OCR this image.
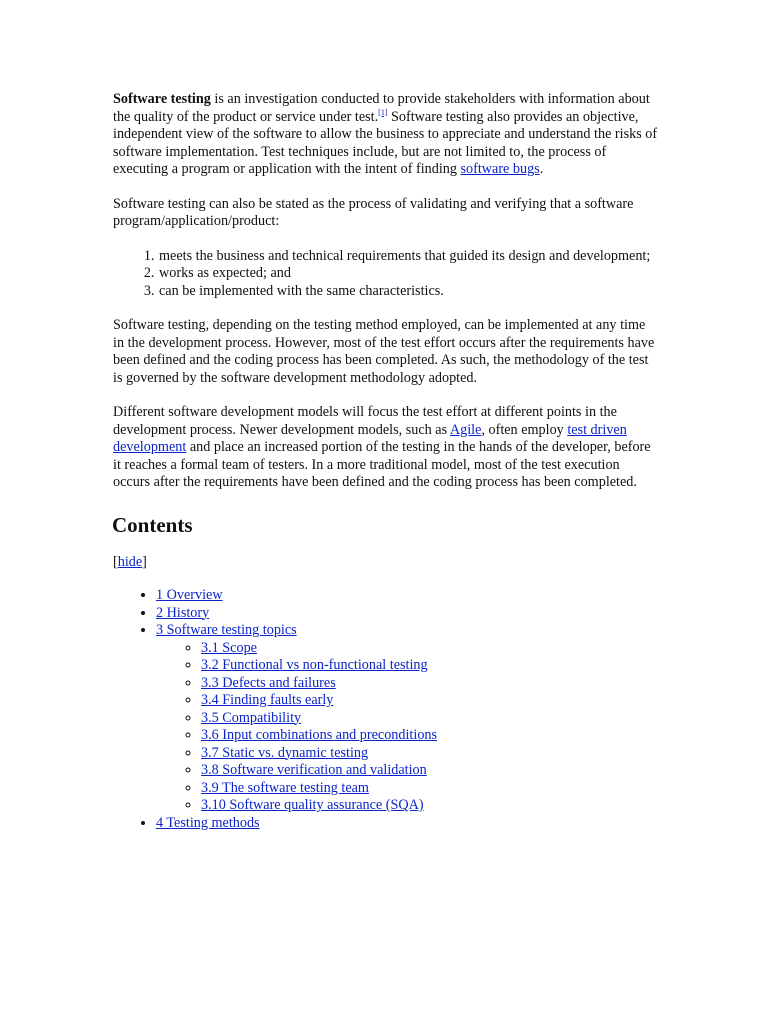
Software testing is an investigation conducted to provide stakeholders with information about the quality of the product or service under test.[1] Software testing also provides an objective, independent view of the software to allow the business to appreciate and understand the risks of software implementation. Test techniques include, but are not limited to, the process of executing a program or application with the intent of finding software bugs.

Software testing can also be stated as the process of validating and verifying that a software program/application/product:

1. meets the business and technical requirements that guided its design and development;
2. works as expected; and
3. can be implemented with the same characteristics.

Software testing, depending on the testing method employed, can be implemented at any time in the development process. However, most of the test effort occurs after the requirements have been defined and the coding process has been completed. As such, the methodology of the test is governed by the software development methodology adopted.

Different software development models will focus the test effort at different points in the development process. Newer development models, such as Agile, often employ test driven development and place an increased portion of the testing in the hands of the developer, before it reaches a formal team of testers. In a more traditional model, most of the test execution occurs after the requirements have been defined and the coding process has been completed.

Contents
[hide]
• 1 Overview
• 2 History
• 3 Software testing topics
◦ 3.1 Scope
◦ 3.2 Functional vs non-functional testing
◦ 3.3 Defects and failures
◦ 3.4 Finding faults early
◦ 3.5 Compatibility
◦ 3.6 Input combinations and preconditions
◦ 3.7 Static vs. dynamic testing
◦ 3.8 Software verification and validation
◦ 3.9 The software testing team
◦ 3.10 Software quality assurance (SQA)
• 4 Testing methods
